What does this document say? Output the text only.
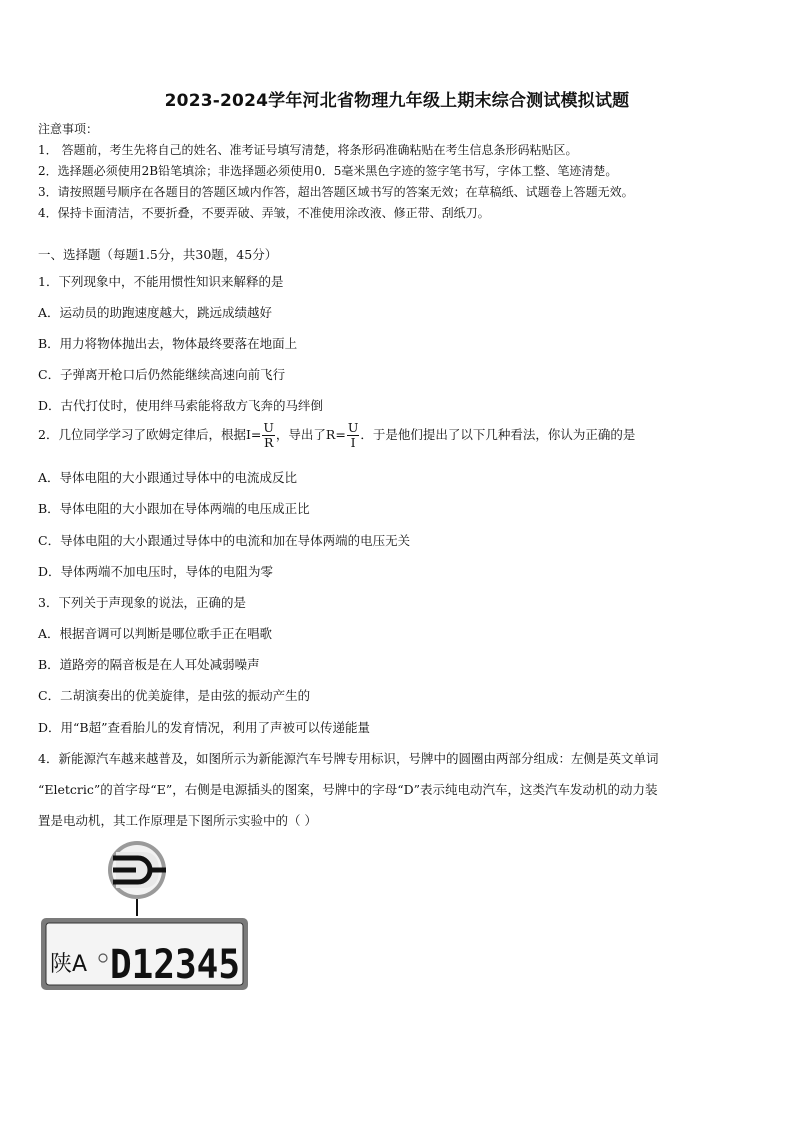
2023-2024学年河北省物理九年级上期末综合测试模拟试题
注意事项：
1． 答题前，考生先将自己的姓名、准考证号填写清楚，将条形码准确粘贴在考生信息条形码粘贴区。
2．选择题必须使用2B铅笔填涂；非选择题必须使用0．5毫米黑色字迹的签字笔书写，字体工整、笔迹清楚。
3．请按照题号顺序在各题目的答题区域内作答，超出答题区域书写的答案无效；在草稿纸、试题卷上答题无效。
4．保持卡面清洁，不要折叠，不要弄破、弄皱，不准使用涂改液、修正带、刮纸刀。
一、选择题（每题1.5分，共30题，45分）
1．下列现象中，不能用惯性知识来解释的是
A．运动员的助跑速度越大，跳远成绩越好
B．用力将物体抛出去，物体最终要落在地面上
C．子弹离开枪口后仍然能继续高速向前飞行
D．古代打仗时，使用绊马索能将敌方飞奔的马绊倒
2．几位同学学习了欧姆定律后，根据$I= \frac{U}{R}$ ，导出了$R= \frac{U}{I}$ ．于是他们提出了以下几种看法，你认为正确的是
A．导体电阻的大小跟通过导体中的电流成反比
B．导体电阻的大小跟加在导体两端的电压成正比
C．导体电阻的大小跟通过导体中的电流和加在导体两端的电压无关
D．导体两端不加电压时，导体的电阻为零
3．下列关于声现象的说法，正确的是
A．根据音调可以判断是哪位歌手正在唱歌
B．道路旁的隔音板是在人耳处减弱噪声
C．二胡演奏出的优美旋律，是由弦的振动产生的
D．用“B超”查看胎儿的发育情况，利用了声被可以传递能量
4．新能源汽车越来越普及，如图所示为新能源汽车号牌专用标识，号牌中的圆圈由两部分组成：左侧是英文单词
“Eletcric”的首字母“E”，右侧是电源插头的图案，号牌中的字母“D”表示纯电动汽车，这类汽车发动机的动力装
置是电动机，其工作原理是下图所示实验中的（ ）
陕A D12345
